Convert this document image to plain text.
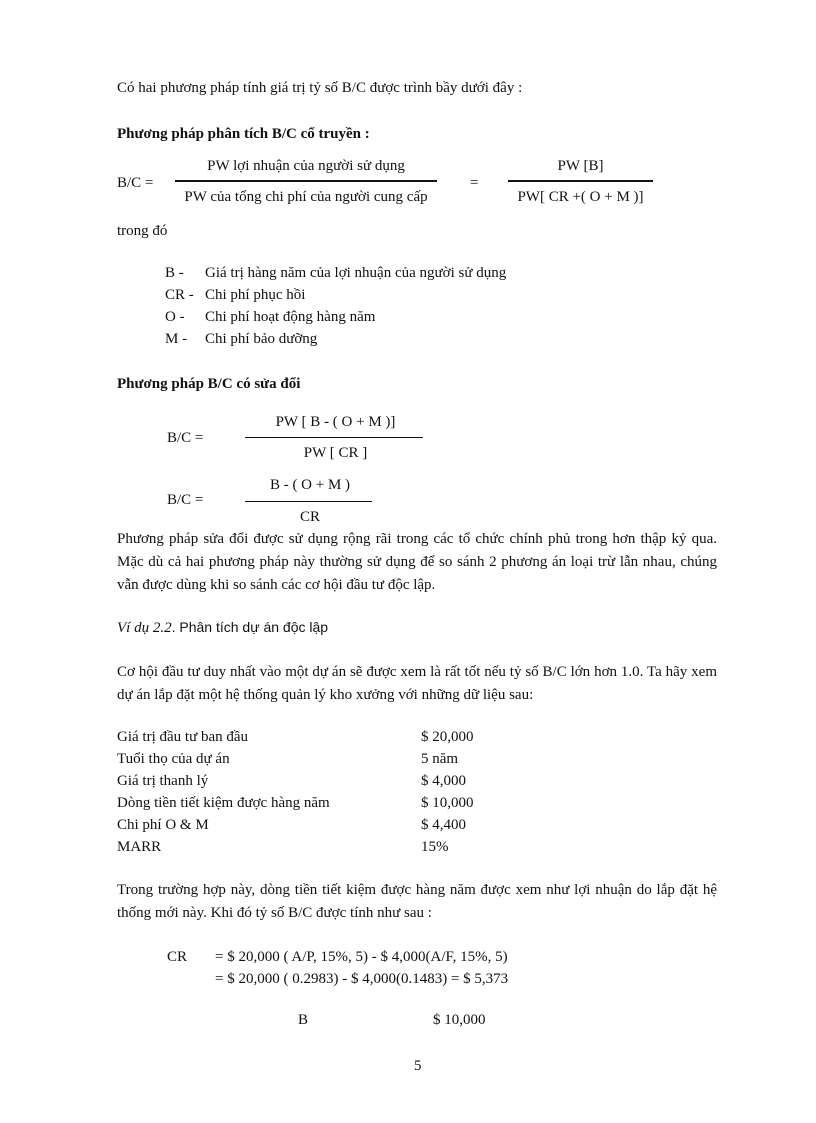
Có hai phương pháp tính giá trị tỷ số B/C được trình bầy dưới đây :
Phương pháp phân tích B/C cổ truyền :
B/C =
PW lợi nhuận của người sử dụng
PW của tổng chi phí của người cung cấp
=
PW [B]
PW[ CR +( O + M )]
trong đó
B - Giá trị hàng năm của lợi nhuận của người sử dụng
CR - Chi phí phục hồi
O - Chi phí hoạt động hàng năm
M - Chi phí bảo dưỡng
Phương pháp B/C có sửa đổi
B/C =
PW [ B - ( O + M )]
PW [ CR ]
B/C =
B - ( O + M )
CR
Phương pháp sửa đổi được sử dụng rộng rãi trong các tổ chức chính phủ trong hơn thập kỷ qua. Mặc dù cả hai phương pháp này thường sử dụng để so sánh 2 phương án loại trừ lẫn nhau, chúng vẫn được dùng khi so sánh các cơ hội đầu tư độc lập.
Ví dụ 2.2. Phân tích dự án độc lập
Cơ hội đầu tư duy nhất vào một dự án sẽ được xem là rất tốt nếu tỷ số B/C lớn hơn 1.0. Ta hãy xem dự án lắp đặt một hệ thống quản lý kho xưởng với những dữ liệu sau:
Giá trị đầu tư ban đầu	$ 20,000
Tuổi thọ của dự án	5 năm
Giá trị thanh lý	$ 4,000
Dòng tiền tiết kiệm được hàng năm	$ 10,000
Chi phí O & M	$ 4,400
MARR	15%
Trong trường hợp này, dòng tiền tiết kiệm được hàng năm được xem như lợi nhuận do lắp đặt hệ thống mới này. Khi đó tỷ số B/C được tính như sau :
CR = $ 20,000 ( A/P, 15%, 5) - $ 4,000(A/F, 15%, 5)
= $ 20,000 ( 0.2983) - $ 4,000(0.1483) = $ 5,373
B	$ 10,000
5
